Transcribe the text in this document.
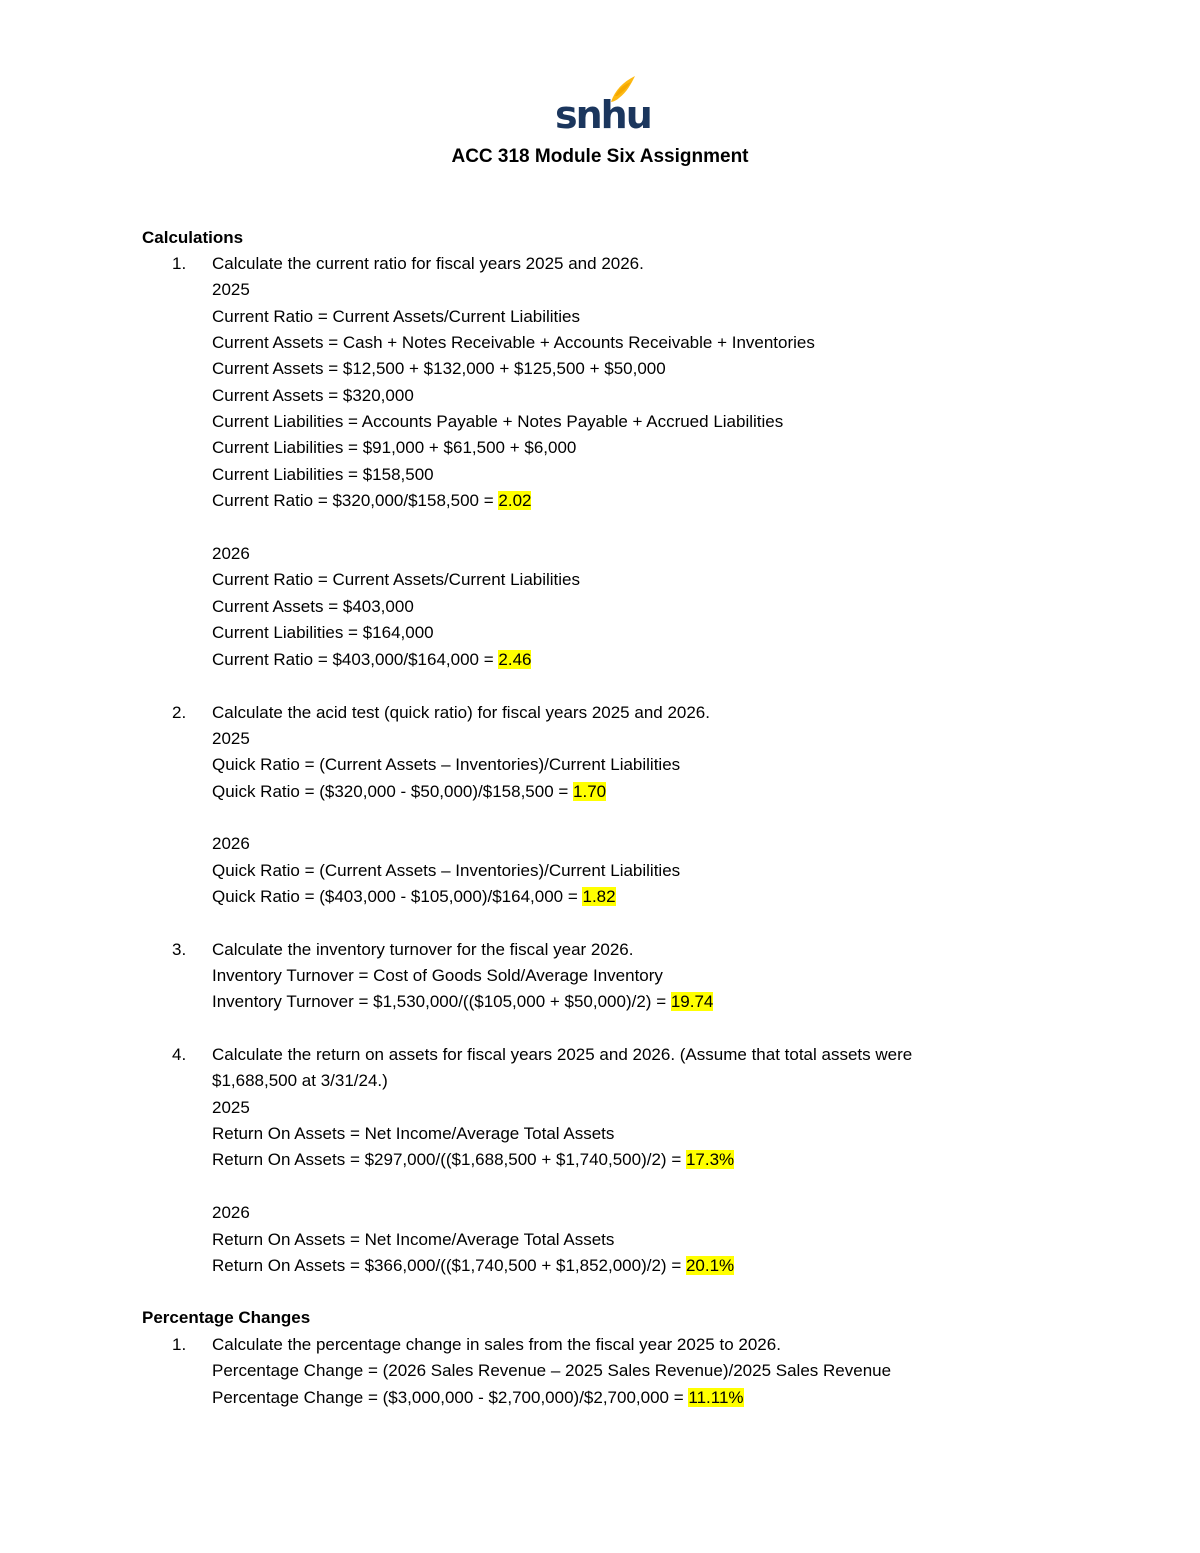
snhu
ACC 318 Module Six Assignment
Calculations
1. Calculate the current ratio for fiscal years 2025 and 2026.
2025
Current Ratio = Current Assets/Current Liabilities
Current Assets = Cash + Notes Receivable + Accounts Receivable + Inventories
Current Assets = $12,500 + $132,000 + $125,500 + $50,000
Current Assets = $320,000
Current Liabilities = Accounts Payable + Notes Payable + Accrued Liabilities
Current Liabilities = $91,000 + $61,500 + $6,000
Current Liabilities = $158,500
Current Ratio = $320,000/$158,500 = 2.02
2026
Current Ratio = Current Assets/Current Liabilities
Current Assets = $403,000
Current Liabilities = $164,000
Current Ratio = $403,000/$164,000 = 2.46
2. Calculate the acid test (quick ratio) for fiscal years 2025 and 2026.
2025
Quick Ratio = (Current Assets – Inventories)/Current Liabilities
Quick Ratio = ($320,000 - $50,000)/$158,500 = 1.70
2026
Quick Ratio = (Current Assets – Inventories)/Current Liabilities
Quick Ratio = ($403,000 - $105,000)/$164,000 = 1.82
3. Calculate the inventory turnover for the fiscal year 2026.
Inventory Turnover = Cost of Goods Sold/Average Inventory
Inventory Turnover = $1,530,000/(($105,000 + $50,000)/2) = 19.74
4. Calculate the return on assets for fiscal years 2025 and 2026. (Assume that total assets were
$1,688,500 at 3/31/24.)
2025
Return On Assets = Net Income/Average Total Assets
Return On Assets = $297,000/(($1,688,500 + $1,740,500)/2) = 17.3%
2026
Return On Assets = Net Income/Average Total Assets
Return On Assets = $366,000/(($1,740,500 + $1,852,000)/2) = 20.1%
Percentage Changes
1. Calculate the percentage change in sales from the fiscal year 2025 to 2026.
Percentage Change = (2026 Sales Revenue – 2025 Sales Revenue)/2025 Sales Revenue
Percentage Change = ($3,000,000 - $2,700,000)/$2,700,000 = 11.11%
